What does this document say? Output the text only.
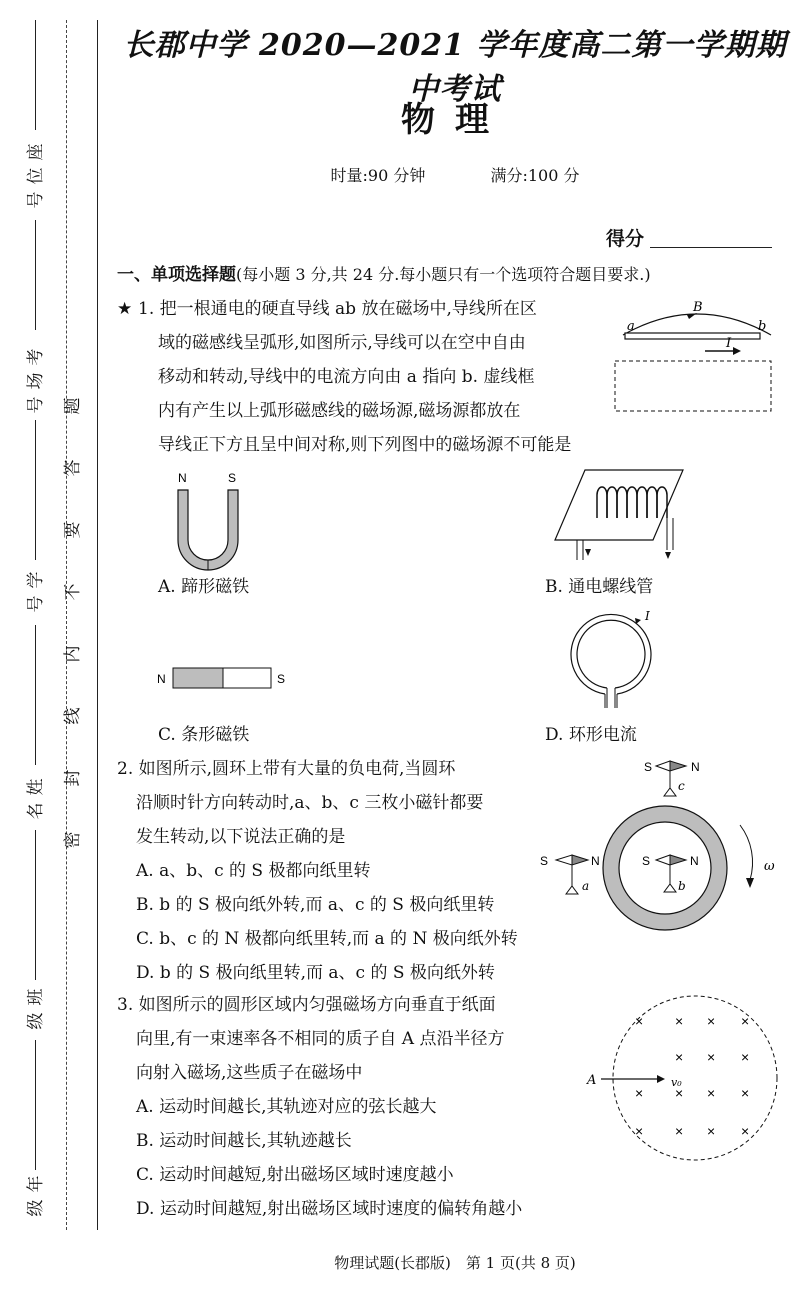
座
位
号
考
场
号
学
号
姓
名
班
级
年
级
题
答
要
不
内
线
封
密
长郡中学 2020—2021 学年度高二第一学期期中考试
物理
时量:90 分钟	满分:100 分
得分
一、单项选择题(每小题 3 分,共 24 分.每小题只有一个选项符合题目要求.)
★ 1. 把一根通电的硬直导线 ab 放在磁场中,导线所在区
域的磁感线呈弧形,如图所示,导线可以在空中自由
移动和转动,导线中的电流方向由 a 指向 b. 虚线框
内有产生以上弧形磁感线的磁场源,磁场源都放在
导线正下方且呈中间对称,则下列图中的磁场源不可能是
a	b
B
I
N	S
A. 蹄形磁铁	B. 通电螺线管
N	S
C. 条形磁铁
I
D. 环形电流
2. 如图所示,圆环上带有大量的负电荷,当圆环
沿顺时针方向转动时,a、b、c 三枚小磁针都要
发生转动,以下说法正确的是
A. a、b、c 的 S 极都向纸里转
B. b 的 S 极向纸外转,而 a、c 的 S 极向纸里转
C. b、c 的 N 极都向纸里转,而 a 的 N 极向纸外转
D. b 的 S 极向纸里转,而 a、c 的 S 极向纸外转
S	N
c
S	N
a
S	N
b
ω
3. 如图所示的圆形区域内匀强磁场方向垂直于纸面
向里,有一束速率各不相同的质子自 A 点沿半径方
向射入磁场,这些质子在磁场中
A. 运动时间越长,其轨迹对应的弦长越大
B. 运动时间越长,其轨迹越长
C. 运动时间越短,射出磁场区域时速度越小
D. 运动时间越短,射出磁场区域时速度的偏转角越小
× × × ×
× × ×
× × × ×
× × × ×
A	v₀
物理试题(长郡版)　第 1 页(共 8 页)
